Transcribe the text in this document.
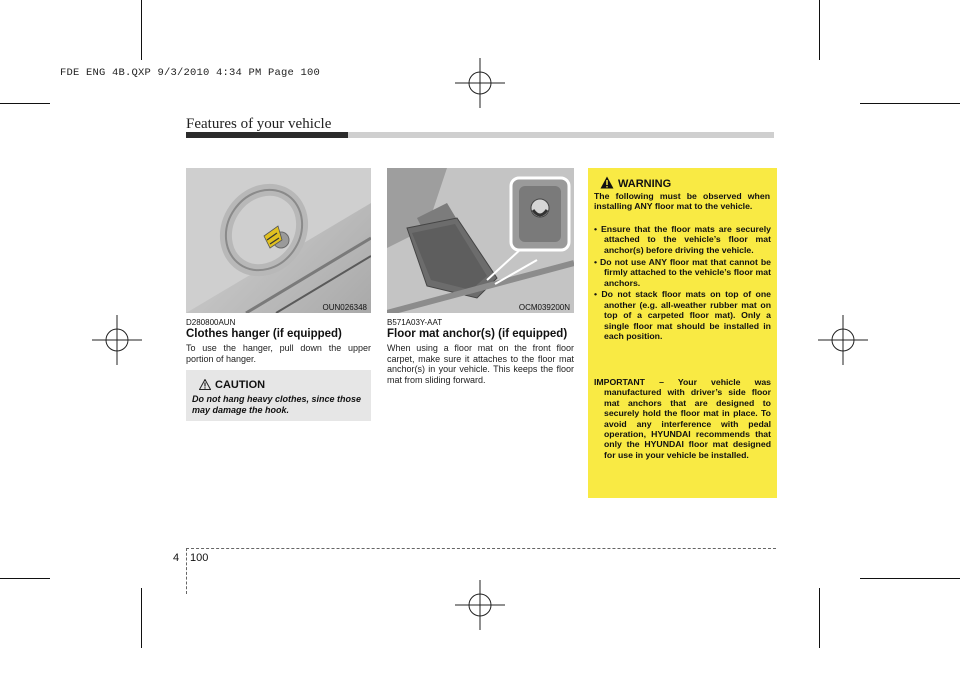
FDE ENG 4B.QXP 9/3/2010 4:34 PM Page 100
Features of your vehicle
OUN026348	OCM039200N
D280800AUN
Clothes hanger (if equipped)
To use the hanger, pull down the upper portion of hanger.
CAUTION
Do not hang heavy clothes, since those may damage the hook.
B571A03Y-AAT
Floor mat anchor(s) (if equipped)
When using a floor mat on the front floor carpet, make sure it attaches to the floor mat anchor(s) in your vehicle. This keeps the floor mat from sliding forward.
WARNING
The following must be observed when installing ANY floor mat to the vehicle.
• Ensure that the floor mats are securely attached to the vehicle’s floor mat anchor(s) before driving the vehicle.
• Do not use ANY floor mat that cannot be firmly attached to the vehicle’s floor mat anchors.
• Do not stack floor mats on top of one another (e.g. all-weather rubber mat on top of a carpeted floor mat). Only a single floor mat should be installed in each position.
IMPORTANT – Your vehicle was manufactured with driver’s side floor mat anchors that are designed to securely hold the floor mat in place. To avoid any interference with pedal operation, HYUNDAI recommends that only the HYUNDAI floor mat designed for use in your vehicle be installed.
4 100
